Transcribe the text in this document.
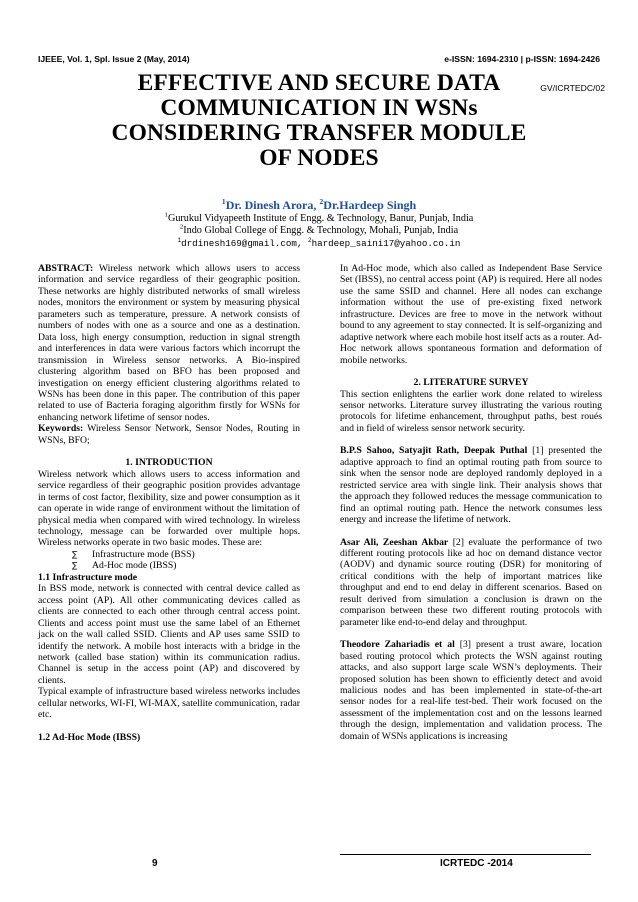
IJEEE, Vol. 1, Spl. Issue 2 (May, 2014)	e-ISSN: 1694-2310 | p-ISSN: 1694-2426

EFFECTIVE AND SECURE DATA

COMMUNICATION IN WSNs

CONSIDERING TRANSFER MODULE

OF NODES

GV/ICRTEDC/02
$^1$Dr. Dinesh Arora, $^2$Dr.Hardeep Singh
$^1$Gurukul Vidyapeeth Institute of Engg. & Technology, Banur, Punjab, India
$^2$Indo Global College of Engg. & Technology, Mohali, Punjab, India
$^1$drdinesh169@gmail.com, $^2$hardeep_saini17@yahoo.co.in

ABSTRACT: Wireless network which allows users to access information and service regardless of their geographic position. These networks are highly distributed networks of small wireless nodes, monitors the environment or system by measuring physical parameters such as temperature, pressure. A network consists of numbers of nodes with one as a source and one as a destination. Data loss, high energy consumption, reduction in signal strength and interferences in data were various factors which incorrupt the transmission in Wireless sensor networks. A Bio-inspired clustering algorithm based on BFO has been proposed and investigation on energy efficient clustering algorithms related to WSNs has been done in this paper. The contribution of this paper related to use of Bacteria foraging algorithm firstly for WSNs for enhancing network lifetime of sensor nodes.

Keywords: Wireless Sensor Network, Sensor Nodes, Routing in WSNs, BFO;

1. INTRODUCTION

Wireless network which allows users to access information and service regardless of their geographic position provides advantage in terms of cost factor, flexibility, size and power consumption as it can operate in wide range of environment without the limitation of physical media when compared with wired technology. In wireless technology, message can be forwarded over multiple hops. Wireless networks operate in two basic modes. These are:

∑	Infrastructure mode (BSS)
∑	Ad-Hoc mode (IBSS)

1.1 Infrastructure mode

In BSS mode, network is connected with central device called as access point (AP). All other communicating devices called as clients are connected to each other through central access point. Clients and access point must use the same label of an Ethernet jack on the wall called SSID. Clients and AP uses same SSID to identify the network. A mobile host interacts with a bridge in the network (called base station) within its communication radius. Channel is setup in the access point (AP) and discovered by clients.

Typical example of infrastructure based wireless networks includes cellular networks, WI-FI, WI-MAX, satellite communication, radar etc.

1.2 Ad-Hoc Mode (IBSS)

In Ad-Hoc mode, which also called as Independent Base Service Set (IBSS), no central access point (AP) is required. Here all nodes use the same SSID and channel. Here all nodes can exchange information without the use of pre-existing fixed network infrastructure. Devices are free to move in the network without bound to any agreement to stay connected. It is self-organizing and adaptive network where each mobile host itself acts as a router. Ad-Hoc network allows spontaneous formation and deformation of mobile networks.

2. LITERATURE SURVEY

This section enlightens the earlier work done related to wireless sensor networks. Literature survey illustrating the various routing protocols for lifetime enhancement, throughput paths, best roués and in field of wireless sensor network security.

B.P.S Sahoo, Satyajit Rath, Deepak Puthal [1] presented the adaptive approach to find an optimal routing path from source to sink when the sensor node are deployed randomly deployed in a restricted service area with single link. Their analysis shows that the approach they followed reduces the message communication to find an optimal routing path. Hence the network consumes less energy and increase the lifetime of network.

Asar Ali, Zeeshan Akbar [2] evaluate the performance of two different routing protocols like ad hoc on demand distance vector (AODV) and dynamic source routing (DSR) for monitoring of critical conditions with the help of important matrices like throughput and end to end delay in different scenarios. Based on result derived from simulation a conclusion is drawn on the comparison between these two different routing protocols with parameter like end-to-end delay and throughput.

Theodore Zahariadis et al [3] present a trust aware, location based routing protocol which protects the WSN against routing attacks, and also support large scale WSN’s deployments. Their proposed solution has been shown to efficiently detect and avoid malicious nodes and has been implemented in state-of-the-art sensor nodes for a real-life test-bed. Their work focused on the assessment of the implementation cost and on the lessons learned through the design, implementation and validation process. The domain of WSNs applications is increasing

9	ICRTEDC -2014
